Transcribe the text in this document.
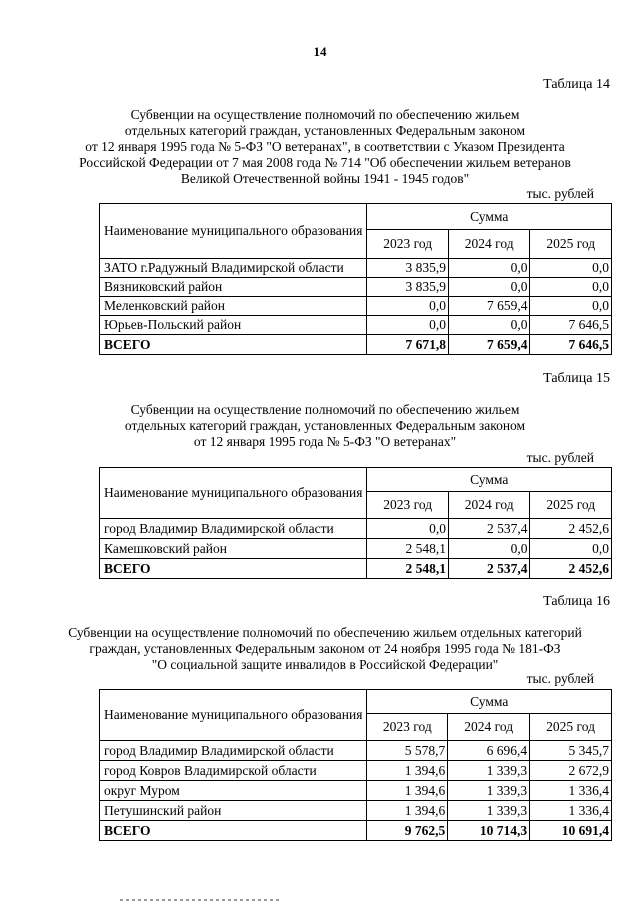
14
Таблица 14
Субвенции на осуществление полномочий по обеспечению жильем
отдельных категорий граждан, установленных Федеральным законом
от 12 января 1995 года № 5-ФЗ "О ветеранах", в соответствии с Указом Президента
Российской Федерации от 7 мая 2008 года № 714 "Об обеспечении жильем ветеранов
Великой Отечественной войны 1941 - 1945 годов"
тыс. рублей
Наименование муниципального образования	Сумма		
	2023 год	2024 год	2025 год
ЗАТО г.Радужный Владимирской области	3 835,9	0,0	0,0
Вязниковский район	3 835,9	0,0	0,0
Меленковский район	0,0	7 659,4	0,0
Юрьев-Польский район	0,0	0,0	7 646,5
ВСЕГО	7 671,8	7 659,4	7 646,5
Таблица 15
Субвенции на осуществление полномочий по обеспечению жильем
отдельных категорий граждан, установленных Федеральным законом
от 12 января 1995 года № 5-ФЗ "О ветеранах"
тыс. рублей
Наименование муниципального образования	Сумма		
	2023 год	2024 год	2025 год
город Владимир Владимирской области	0,0	2 537,4	2 452,6
Камешковский район	2 548,1	0,0	0,0
ВСЕГО	2 548,1	2 537,4	2 452,6
Таблица 16
Субвенции на осуществление полномочий по обеспечению жильем отдельных категорий
граждан, установленных Федеральным законом от 24 ноября 1995 года № 181-ФЗ
"О социальной защите инвалидов в Российской Федерации"
тыс. рублей
Наименование муниципального образования	Сумма		
	2023 год	2024 год	2025 год
город Владимир Владимирской области	5 578,7	6 696,4	5 345,7
город Ковров Владимирской области	1 394,6	1 339,3	2 672,9
округ Муром	1 394,6	1 339,3	1 336,4
Петушинский район	1 394,6	1 339,3	1 336,4
ВСЕГО	9 762,5	10 714,3	10 691,4
